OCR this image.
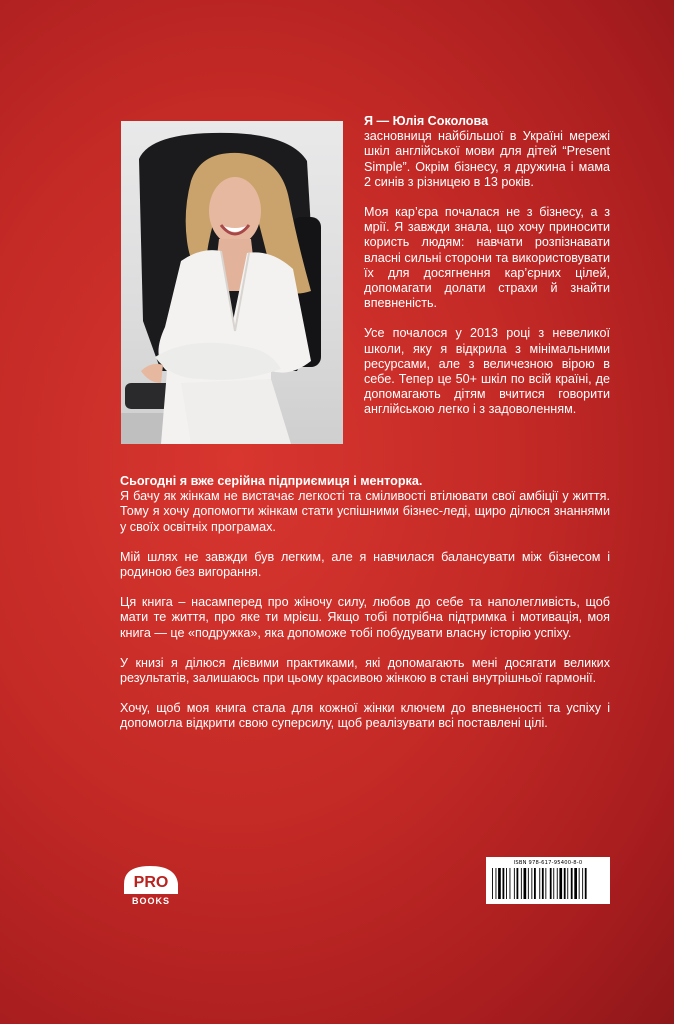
Я — Юлія Соколова
засновниця найбільшої в Україні мережі шкіл англійської мови для дітей “Present Simple”. Окрім бізнесу, я дружина і мама 2 синів з різницею в 13 років.

Моя кар’єра почалася не з бізнесу, а з мрії. Я завжди знала, що хочу приносити користь людям: навчати розпізнавати власні сильні сторони та використовувати їх для досягнення кар’єрних цілей, допомагати долати страхи й знайти впевненість.

Усе почалося у 2013 році з невеликої школи, яку я відкрила з мінімальними ресурсами, але з величезною вірою в себе. Тепер це 50+ шкіл по всій країні, де допомагають дітям вчитися говорити англійською легко і з задоволенням.

Сьогодні я вже серійна підприємиця і менторка.
Я бачу як жінкам не вистачає легкості та сміливості втілювати свої амбіції у життя. Тому я хочу допомогти жінкам стати успішними бізнес-леді, щиро ділюся знаннями у своїх освітніх програмах.

Мій шлях не завжди був легким, але я навчилася балансувати між бізнесом і родиною без вигорання.

Ця книга – насамперед про жіночу силу, любов до себе та наполегливість, щоб мати те життя, про яке ти мрієш. Якщо тобі потрібна підтримка і мотивація, моя книга — це «подружка», яка допоможе тобі побудувати власну історію успіху.

У книзі я ділюся дієвими практиками, які допомагають мені досягати великих результатів, залишаюсь при цьому красивою жінкою в стані внутрішньої гармонії.

Хочу, щоб моя книга стала для кожної жінки ключем до впевненості та успіху і допомогла відкрити свою суперсилу, щоб реалізувати всі поставлені цілі.

PRO
BOOKS
ISBN 978-617-95400-8-0
